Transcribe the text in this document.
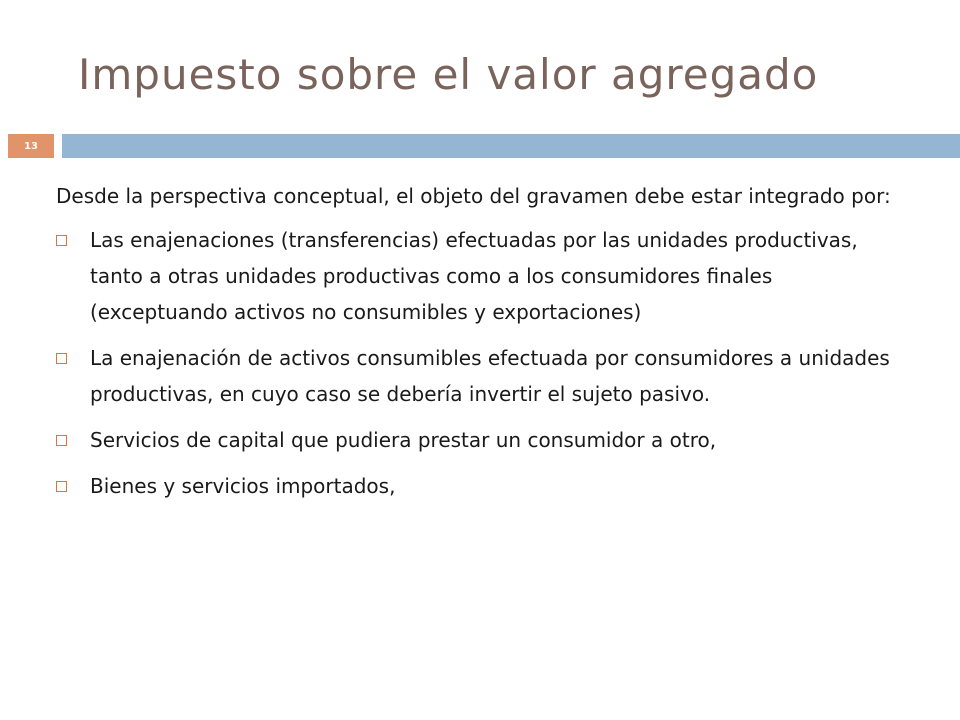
Impuesto sobre el valor agregado
13

Desde la perspectiva conceptual, el objeto del gravamen debe estar integrado por:

Las enajenaciones (transferencias) efectuadas por las unidades productivas, tanto a otras unidades productivas como a los consumidores finales (exceptuando activos no consumibles y exportaciones)
La enajenación de activos consumibles efectuada por consumidores a unidades productivas, en cuyo caso se debería invertir el sujeto pasivo.
Servicios de capital que pudiera prestar un consumidor a otro,
Bienes y servicios importados,
